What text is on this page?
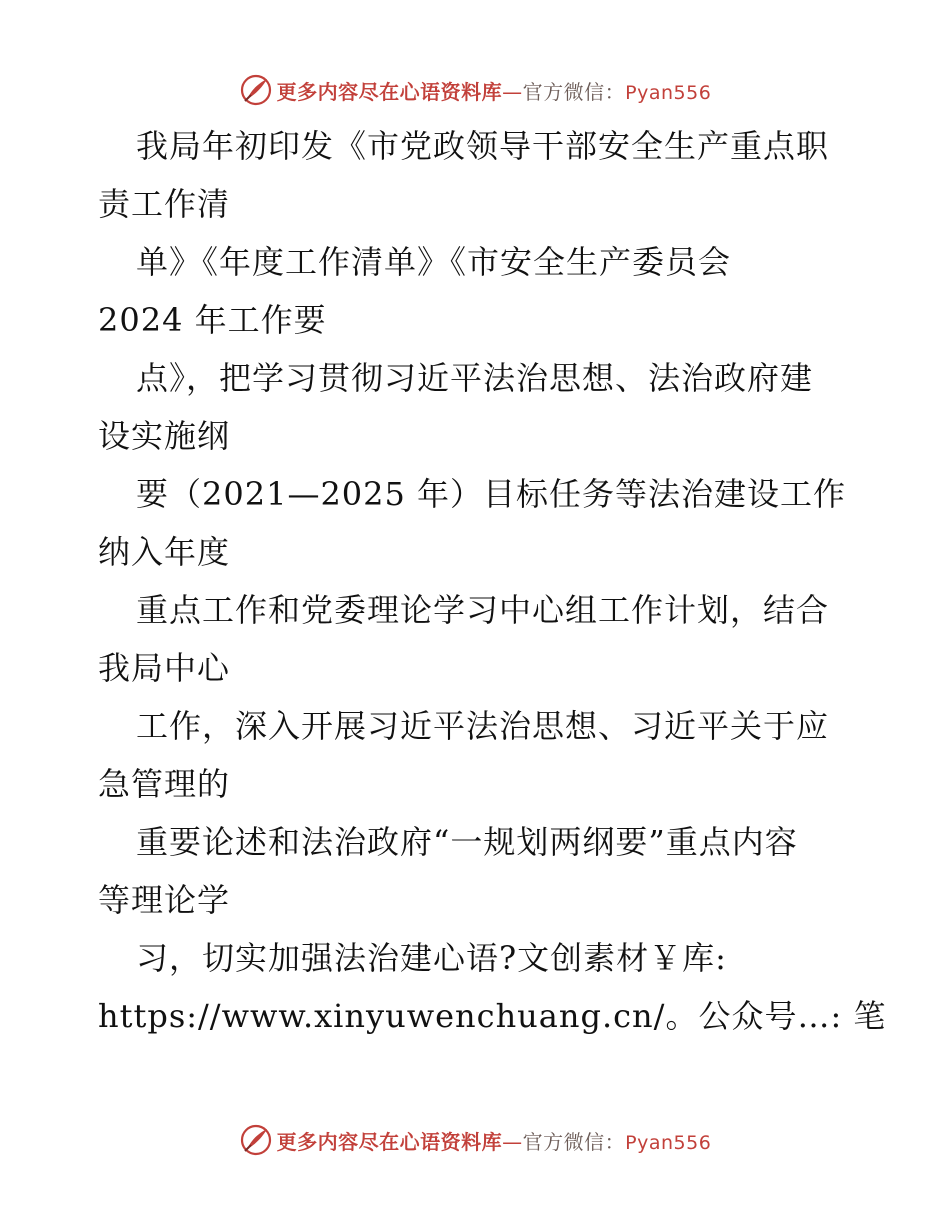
更多内容尽在心语资料库—官方微信：Pyan556
我局年初印发《市党政领导干部安全生产重点职
责工作清
单》《年度工作清单》《市安全生产委员会
2024 年工作要
点》，把学习贯彻习近平法治思想、法治政府建
设实施纲
要（2021—2025 年）目标任务等法治建设工作
纳入年度
重点工作和党委理论学习中心组工作计划，结合
我局中心
工作，深入开展习近平法治思想、习近平关于应
急管理的
重要论述和法治政府“一规划两纲要”重点内容
等理论学
习，切实加强法治建心语?文创素材￥库:
https://www.xinyuwenchuang.cn/。公众号…: 笔
更多内容尽在心语资料库—官方微信：Pyan556
